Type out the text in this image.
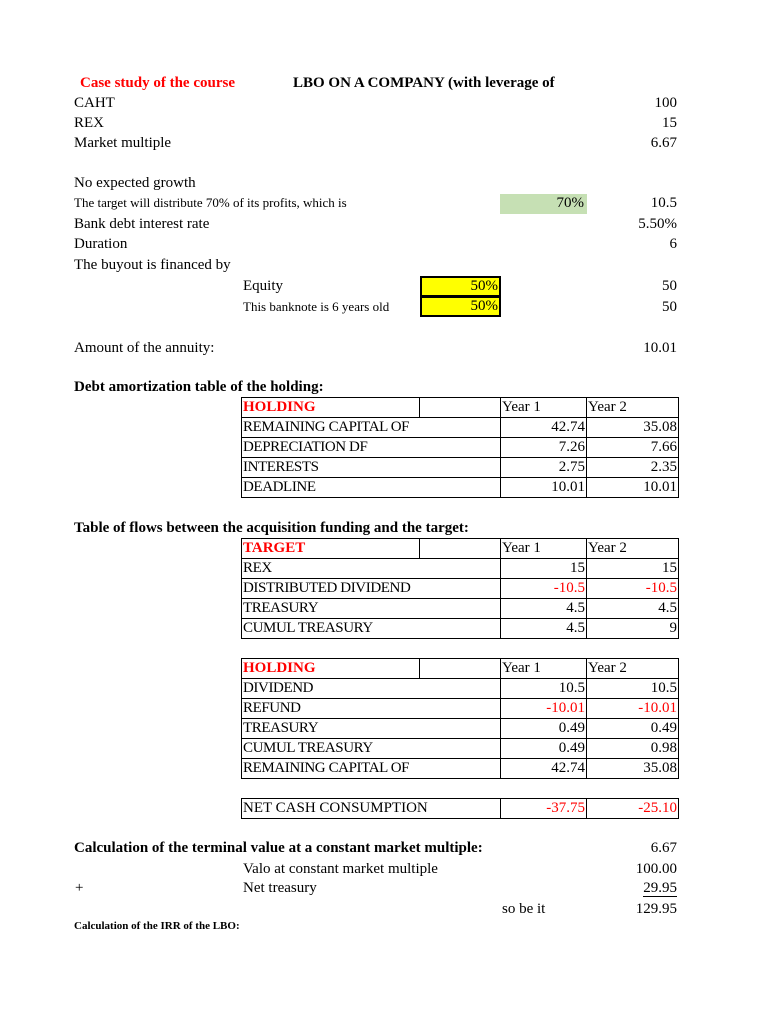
Case study of the course	LBO ON A COMPANY (with leverage of
CAHT	100
REX	15
Market multiple	6.67
No expected growth
The target will distribute 70% of its profits, which is	70%	10.5
Bank debt interest rate	5.50%
Duration	6
The buyout is financed by
Equity	50%	50
This banknote is 6 years old	50%	50
Amount of the annuity:	10.01
Debt amortization table of the holding:
HOLDING		Year 1	Year 2
REMAINING CAPITAL OF		42.74	35.08
DEPRECIATION DF		7.26	7.66
INTERESTS		2.75	2.35
DEADLINE		10.01	10.01
Table of flows between the acquisition funding and the target:
TARGET		Year 1	Year 2
REX		15	15
DISTRIBUTED DIVIDEND		-10.5	-10.5
TREASURY		4.5	4.5
CUMUL TREASURY		4.5	9
HOLDING		Year 1	Year 2
DIVIDEND		10.5	10.5
REFUND		-10.01	-10.01
TREASURY		0.49	0.49
CUMUL TREASURY		0.49	0.98
REMAINING CAPITAL OF		42.74	35.08
NET CASH CONSUMPTION	-37.75	-25.10
Calculation of the terminal value at a constant market multiple:	6.67
Valo at constant market multiple	100.00
+	Net treasury	29.95
so be it	129.95
Calculation of the IRR of the LBO:
